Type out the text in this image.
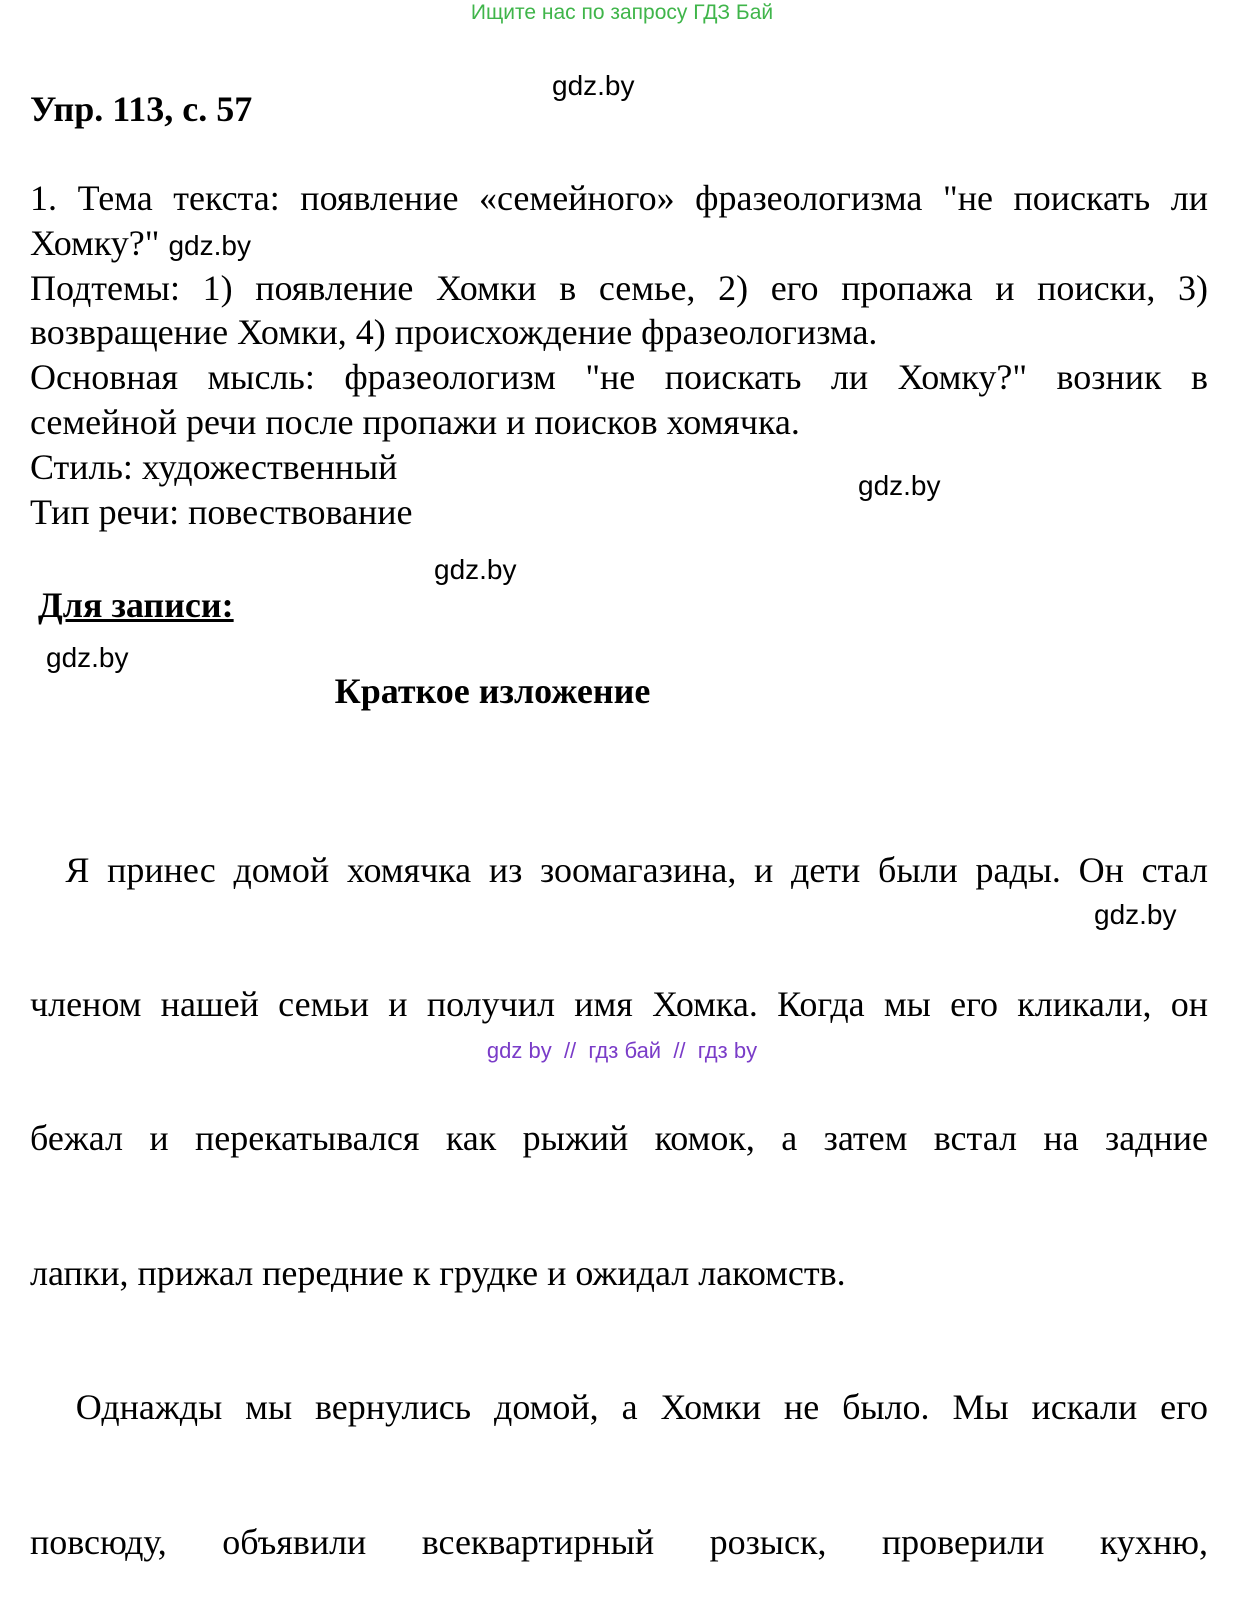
Ищите нас по запросу ГДЗ Бай
Упр. 113, с. 57
gdz.by
1. Тема текста: появление «семейного» фразеологизма "не поискать ли
Хомку?" gdz.by
Подтемы: 1) появление Хомки в семье, 2) его пропажа и поиски, 3)
возвращение Хомки, 4) происхождение фразеологизма.
Основная мысль: фразеологизм "не поискать ли Хомку?" возник в
семейной речи после пропажи и поисков хомячка.
Стиль: художественный
Тип речи: повествование
gdz.by
gdz.by
Для записи:
gdz.by
Краткое изложение

Я принес домой хомячка из зоомагазина, и дети были рады. Он стал

членом нашей семьи и получил имя Хомка. Когда мы его кликали, он

бежал и перекатывался как рыжий комок, а затем встал на задние

лапки, прижал передние к грудке и ожидал лакомств.

Однажды мы вернулись домой, а Хомки не было. Мы искали его

повсюду, объявили всеквартирный розыск, проверили кухню,

gdz.by
gdz by  //  гдз бай  //  гдз by
